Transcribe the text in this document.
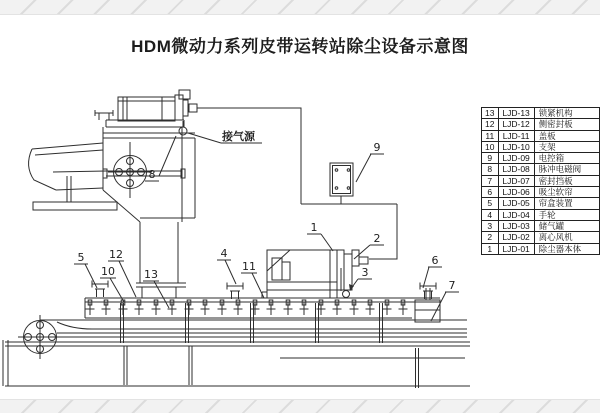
HDM微动力系列皮带运转站除尘设备示意图
13	LJD-13	锁紧机构
12	LJD-12	侧密封板
11	LJD-11	盖板
10	LJD-10	支架
9	LJD-09	电控箱
8	LJD-08	脉冲电磁阀
7	LJD-07	密封挡板
6	LJD-06	吸尘软帘
5	LJD-05	帘盒装置
4	LJD-04	手轮
3	LJD-03	储气罐
2	LJD-02	离心风机
1	LJD-01	除尘器本体
接气源
1
2
3
4
5	6
7
8
9
10	11
12
13
